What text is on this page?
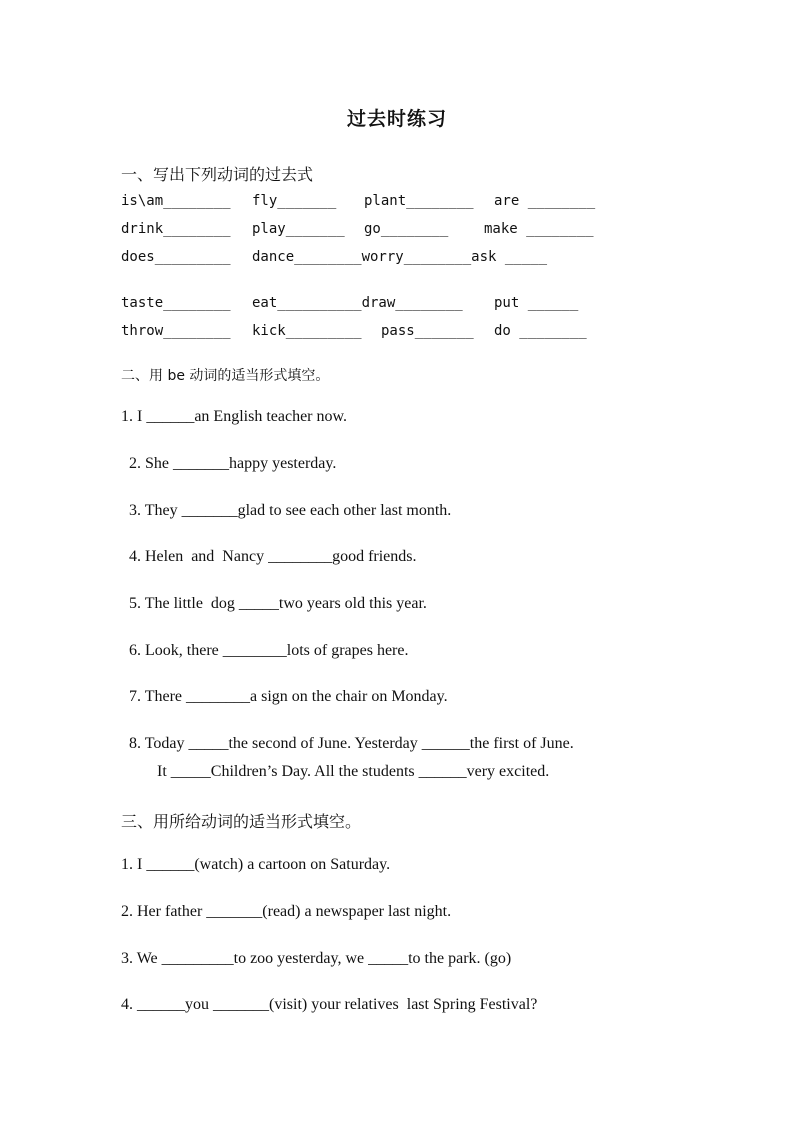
过去时练习
一、写出下列动词的过去式

is\am________

fly_______

plant________

are ________

drink________

play_______

go________

	make ________

does_________

dance________worry________ask _____

taste________

eat__________draw________

put ______

throw________

kick_________

pass_______

do ________

二、用 be 动词的适当形式填空。
1. I ______an English teacher now.
2. She _______happy yesterday.
3. They _______glad to see each other last month.
4. Helen  and  Nancy ________good friends.
5. The little  dog _____two years old this year.
6. Look, there ________lots of grapes here.
7. There ________a sign on the chair on Monday.
8. Today _____the second of June. Yesterday ______the first of June.
It _____Children’s Day. All the students ______very excited.
三、用所给动词的适当形式填空。
1. I ______(watch) a cartoon on Saturday.
2. Her father _______(read) a newspaper last night.
3. We _________to zoo yesterday, we _____to the park. (go)
4. ______you _______(visit) your relatives  last Spring Festival?
